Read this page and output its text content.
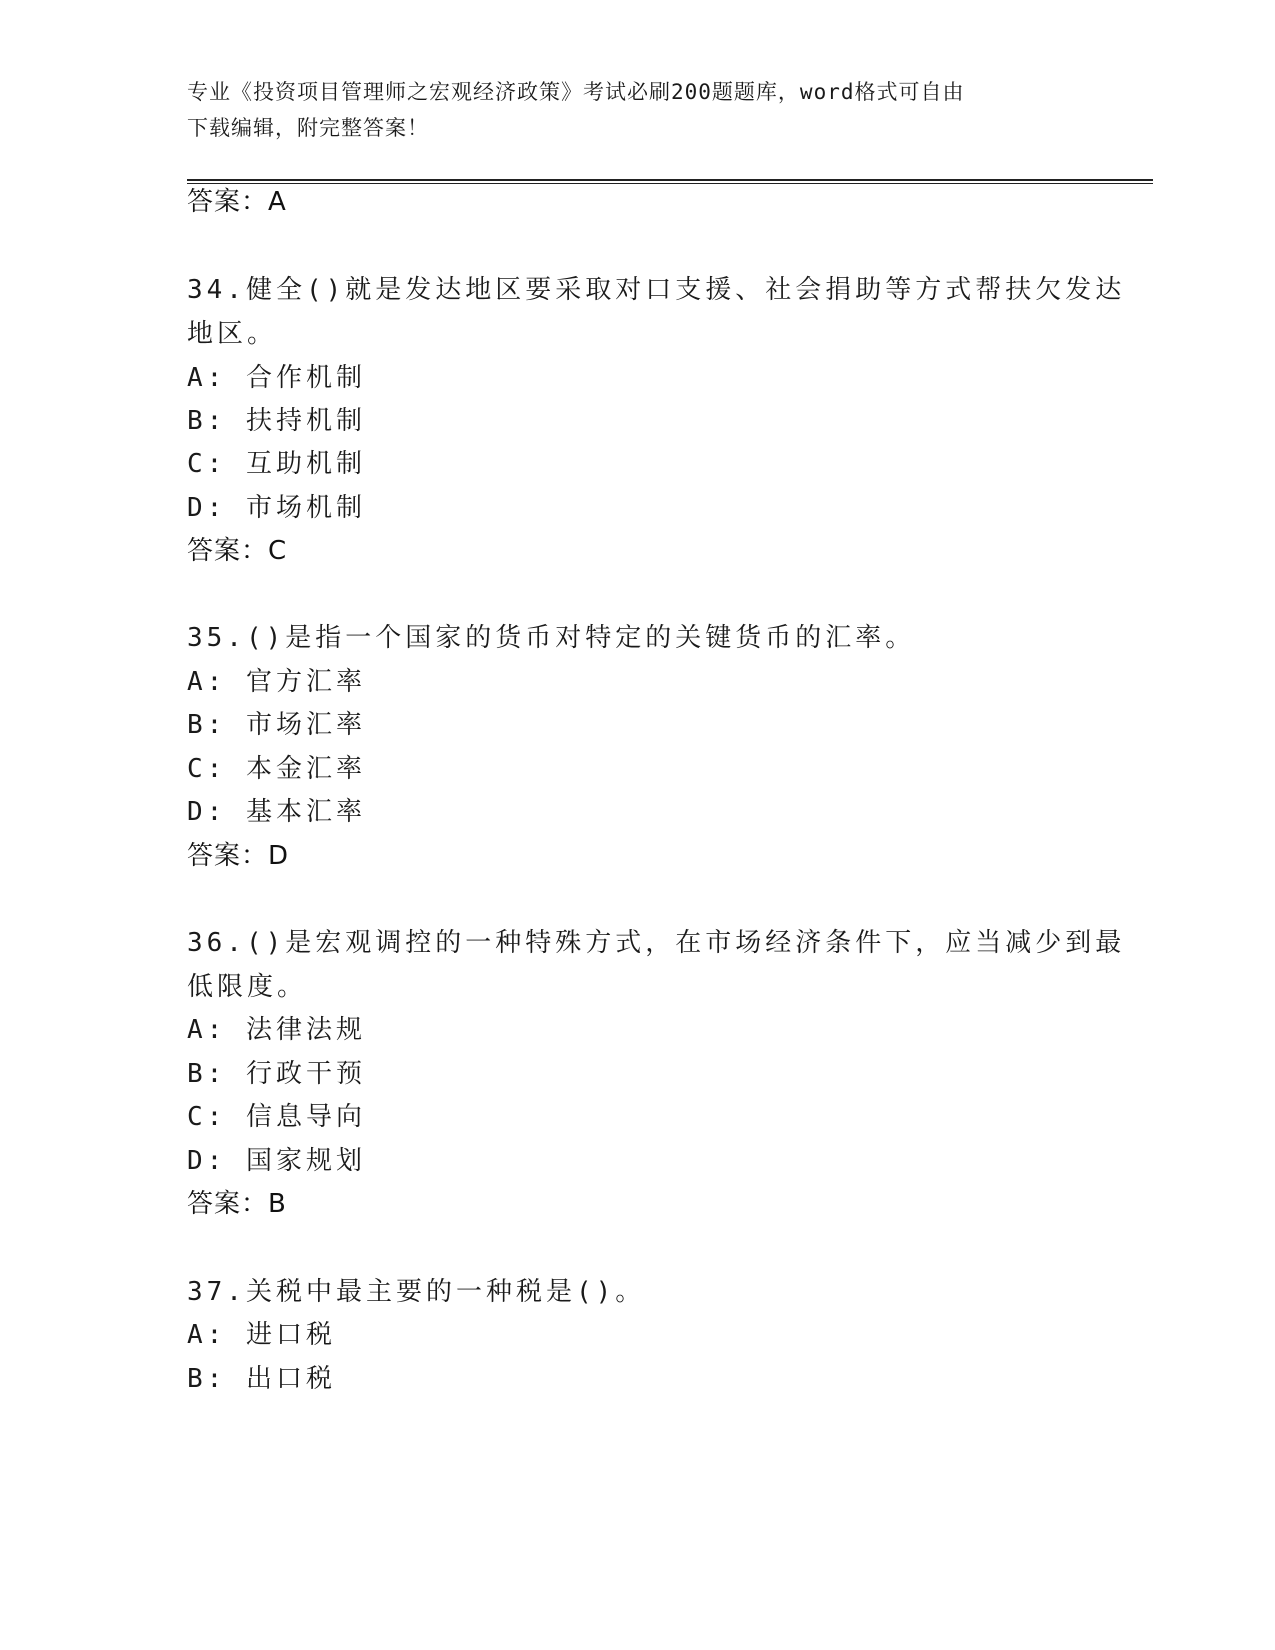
专业《投资项目管理师之宏观经济政策》考试必刷200题题库，word格式可自由
下载编辑，附完整答案！
答案：A
34.健全()就是发达地区要采取对口支援、社会捐助等方式帮扶欠发达
地区。
A: 合作机制
B: 扶持机制
C: 互助机制
D: 市场机制
答案：C
35.()是指一个国家的货币对特定的关键货币的汇率。
A: 官方汇率
B: 市场汇率
C: 本金汇率
D: 基本汇率
答案：D
36.()是宏观调控的一种特殊方式，在市场经济条件下，应当减少到最
低限度。
A: 法律法规
B: 行政干预
C: 信息导向
D: 国家规划
答案：B
37.关税中最主要的一种税是()。
A: 进口税
B: 出口税
